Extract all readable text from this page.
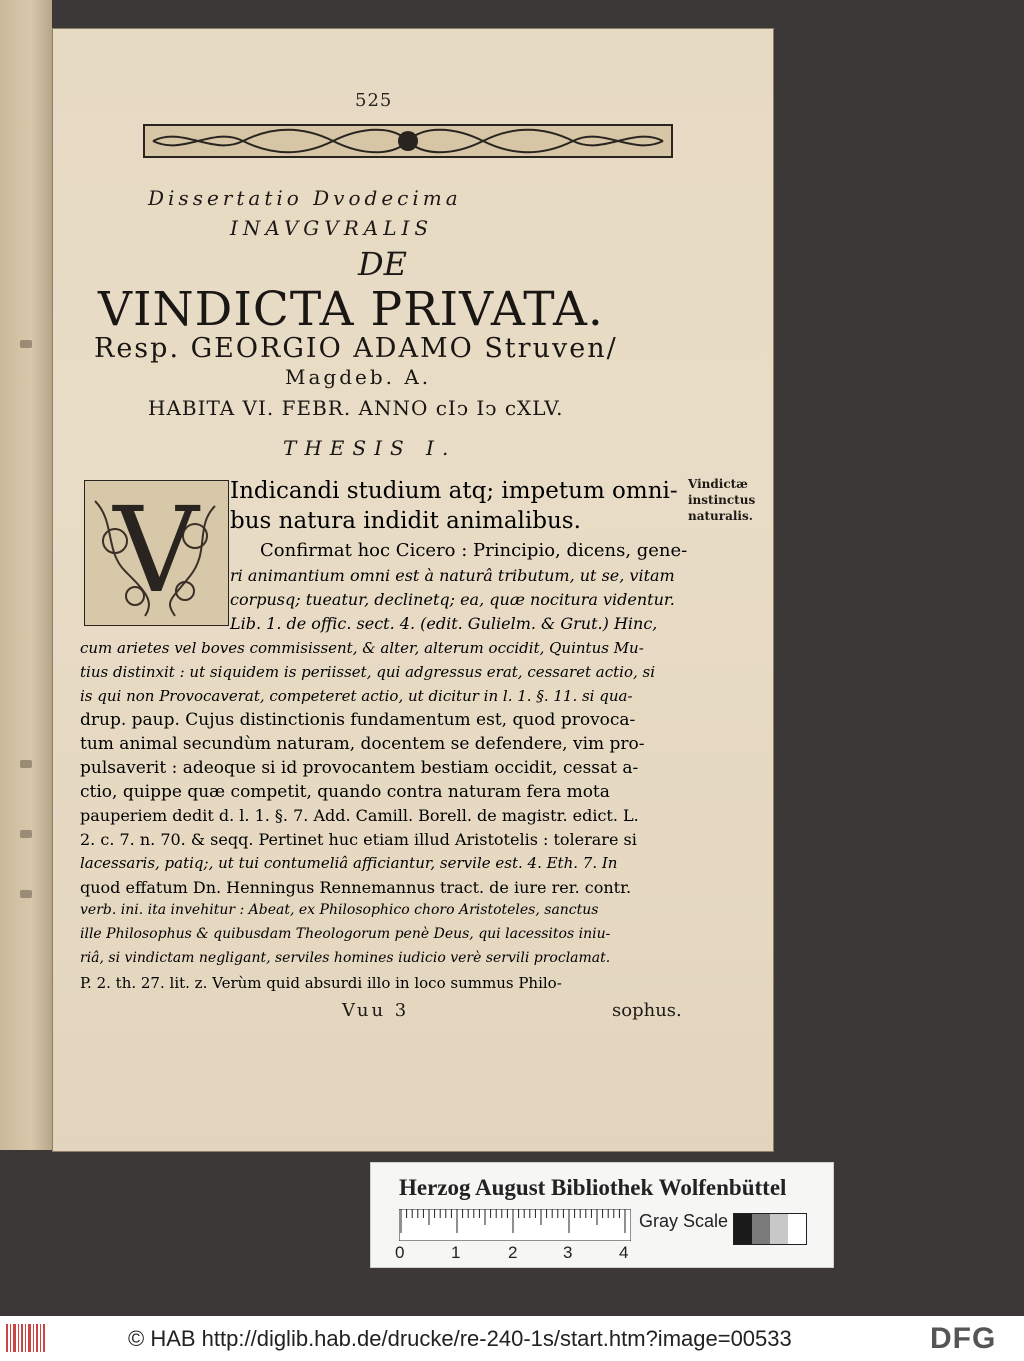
525
Dissertatio Dvodecima
INAVGVRALIS
DE
VINDICTA PRIVATA.
Resp. GEORGIO ADAMO Struven/
Magdeb. A.
HABITA VI. FEBR. ANNO cIↄ Iↄ cXLV.
THESIS I.
V	Vindictæ
instinctus
naturalis.
Indicandi studium atq; impetum omni-
bus natura indidit animalibus.
Confirmat hoc Cicero : Principio, dicens, gene-
ri animantium omni est à naturâ tributum, ut se, vitam
corpusq; tueatur, declinetq; ea, quæ nocitura videntur.
Lib. 1. de offic. sect. 4. (edit. Gulielm. & Grut.) Hinc,
cum arietes vel boves commisissent, & alter, alterum occidit, Quintus Mu-
tius distinxit : ut siquidem is periisset, qui adgressus erat, cessaret actio, si
is qui non Provocaverat, competeret actio, ut dicitur in l. 1. §. 11. si qua-
drup. paup. Cujus distinctionis fundamentum est, quod provoca-
tum animal secundùm naturam, docentem se defendere, vim pro-
pulsaverit : adeoque si id provocantem bestiam occidit, cessat a-
ctio, quippe quæ competit, quando contra naturam fera mota
pauperiem dedit d. l. 1. §. 7. Add. Camill. Borell. de magistr. edict. L.
2. c. 7. n. 70. & seqq. Pertinet huc etiam illud Aristotelis : tolerare si
lacessaris, patiq;, ut tui contumeliâ afficiantur, servile est. 4. Eth. 7. In
quod effatum Dn. Henningus Rennemannus tract. de iure rer. contr.
verb. ini. ita invehitur : Abeat, ex Philosophico choro Aristoteles, sanctus
ille Philosophus & quibusdam Theologorum penè Deus, qui lacessitos iniu-
riâ, si vindictam negligant, serviles homines iudicio verè servili proclamat.
P. 2. th. 27. lit. z. Verùm quid absurdi illo in loco summus Philo-
Vuu 3	sophus.
Herzog August Bibliothek Wolfenbüttel
0	1	2	3	4
Gray Scale
© HAB http://diglib.hab.de/drucke/re-240-1s/start.htm?image=00533	DFG
